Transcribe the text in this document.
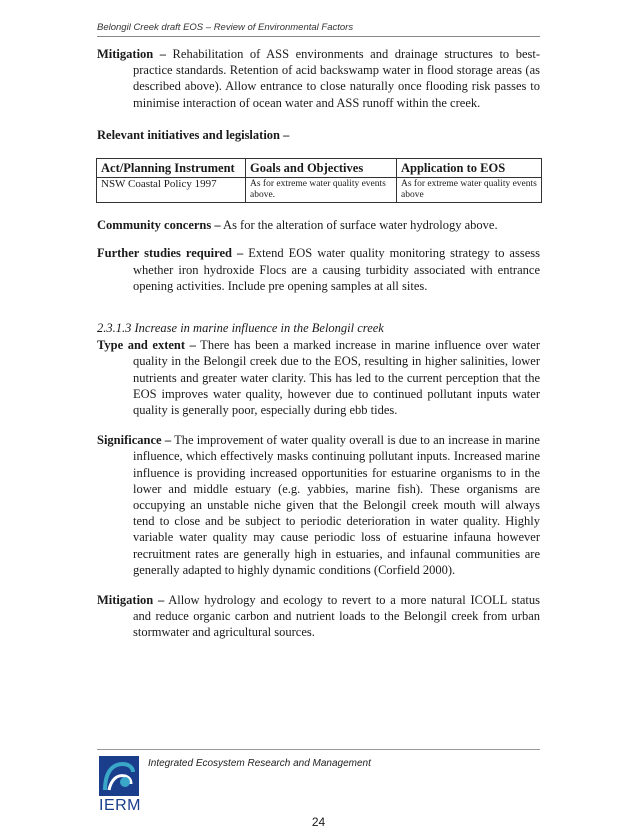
Belongil Creek draft EOS – Review of Environmental Factors

Mitigation – Rehabilitation of ASS environments and drainage structures to best-practice standards. Retention of acid backswamp water in flood storage areas (as described above). Allow entrance to close naturally once flooding risk passes to minimise interaction of ocean water and ASS runoff within the creek.

Relevant initiatives and legislation –

Act/Planning Instrument	Goals and Objectives	Application to EOS
NSW Coastal Policy 1997	As for extreme water quality events above.	As for extreme water quality events above

Community concerns – As for the alteration of surface water hydrology above.

Further studies required – Extend EOS water quality monitoring strategy to assess whether iron hydroxide Flocs are a causing turbidity associated with entrance opening activities. Include pre opening samples at all sites.

2.3.1.3 Increase in marine influence in the Belongil creek

Type and extent – There has been a marked increase in marine influence over water quality in the Belongil creek due to the EOS, resulting in higher salinities, lower nutrients and greater water clarity. This has led to the current perception that the EOS improves water quality, however due to continued pollutant inputs water quality is generally poor, especially during ebb tides.

Significance – The improvement of water quality overall is due to an increase in marine influence, which effectively masks continuing pollutant inputs. Increased marine influence is providing increased opportunities for estuarine organisms to in the lower and middle estuary (e.g. yabbies, marine fish). These organisms are occupying an unstable niche given that the Belongil creek mouth will always tend to close and be subject to periodic deterioration in water quality. Highly variable water quality may cause periodic loss of estuarine infauna however recruitment rates are generally high in estuaries, and infaunal communities are generally adapted to highly dynamic conditions (Corfield 2000).

Mitigation – Allow hydrology and ecology to revert to a more natural ICOLL status and reduce organic carbon and nutrient loads to the Belongil creek from urban stormwater and agricultural sources.

IERM
Integrated Ecosystem Research and Management
24
